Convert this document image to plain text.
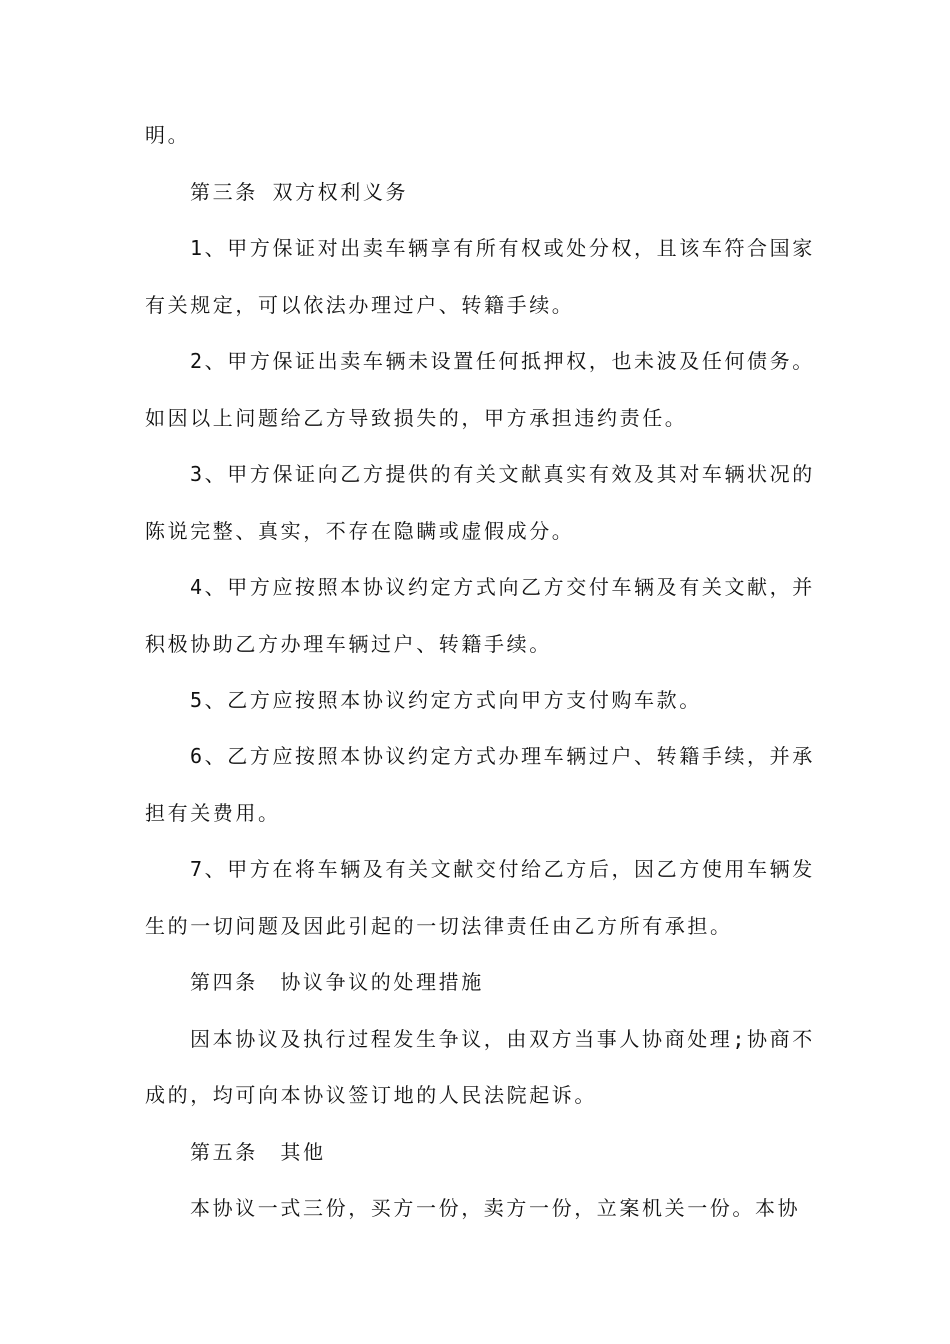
明。
第三条 双方权利义务
1、甲方保证对出卖车辆享有所有权或处分权，且该车符合国家
有关规定，可以依法办理过户、转籍手续。
2、甲方保证出卖车辆未设置任何抵押权，也未波及任何债务。
如因以上问题给乙方导致损失的，甲方承担违约责任。
3、甲方保证向乙方提供的有关文献真实有效及其对车辆状况的
陈说完整、真实，不存在隐瞒或虚假成分。
4、甲方应按照本协议约定方式向乙方交付车辆及有关文献，并
积极协助乙方办理车辆过户、转籍手续。
5、乙方应按照本协议约定方式向甲方支付购车款。
6、乙方应按照本协议约定方式办理车辆过户、转籍手续，并承
担有关费用。
7、甲方在将车辆及有关文献交付给乙方后，因乙方使用车辆发
生的一切问题及因此引起的一切法律责任由乙方所有承担。
第四条　协议争议的处理措施
因本协议及执行过程发生争议，由双方当事人协商处理;协商不
成的，均可向本协议签订地的人民法院起诉。
第五条　其他
本协议一式三份，买方一份，卖方一份，立案机关一份。本协
